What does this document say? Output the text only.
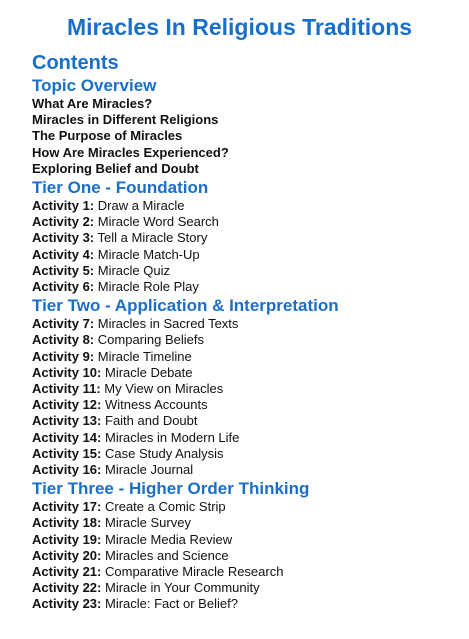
Miracles In Religious Traditions
Contents
Topic Overview
What Are Miracles?
Miracles in Different Religions
The Purpose of Miracles
How Are Miracles Experienced?
Exploring Belief and Doubt
Tier One - Foundation
Activity 1: Draw a Miracle
Activity 2: Miracle Word Search
Activity 3: Tell a Miracle Story
Activity 4: Miracle Match-Up
Activity 5: Miracle Quiz
Activity 6: Miracle Role Play
Tier Two - Application & Interpretation
Activity 7: Miracles in Sacred Texts
Activity 8: Comparing Beliefs
Activity 9: Miracle Timeline
Activity 10: Miracle Debate
Activity 11: My View on Miracles
Activity 12: Witness Accounts
Activity 13: Faith and Doubt
Activity 14: Miracles in Modern Life
Activity 15: Case Study Analysis
Activity 16: Miracle Journal
Tier Three - Higher Order Thinking
Activity 17: Create a Comic Strip
Activity 18: Miracle Survey
Activity 19: Miracle Media Review
Activity 20: Miracles and Science
Activity 21: Comparative Miracle Research
Activity 22: Miracle in Your Community
Activity 23: Miracle: Fact or Belief?
